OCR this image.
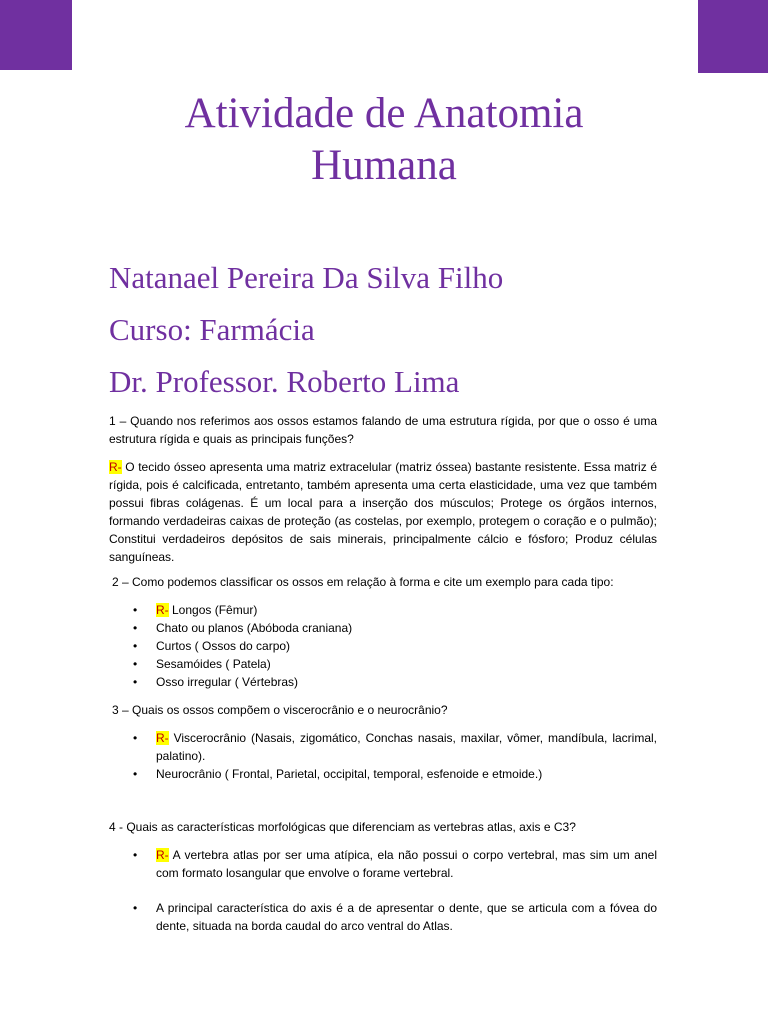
Atividade de Anatomia
Humana
Natanael Pereira Da Silva Filho
Curso: Farmácia
Dr. Professor. Roberto Lima
1 – Quando nos referimos aos ossos estamos falando de uma estrutura rígida, por que o osso é uma estrutura rígida e quais as principais funções?
R- O tecido ósseo apresenta uma matriz extracelular (matriz óssea) bastante resistente. Essa matriz é rígida, pois é calcificada, entretanto, também apresenta uma certa elasticidade, uma vez que também possui fibras colágenas. É um local para a inserção dos músculos; Protege os órgãos internos, formando verdadeiras caixas de proteção (as costelas, por exemplo, protegem o coração e o pulmão); Constitui verdadeiros depósitos de sais minerais, principalmente cálcio e fósforo; Produz células sanguíneas.
2 – Como podemos classificar os ossos em relação à forma e cite um exemplo para cada tipo:
• R- Longos (Fêmur)
• Chato ou planos (Abóboda craniana)
• Curtos ( Ossos do carpo)
• Sesamóides ( Patela)
• Osso irregular ( Vértebras)
3 – Quais os ossos compõem o viscerocrânio e o neurocrânio?
• R- Viscerocrânio (Nasais, zigomático, Conchas nasais, maxilar, vômer, mandíbula, lacrimal, palatino).
• Neurocrânio ( Frontal, Parietal, occipital, temporal, esfenoide e etmoide.)
4 - Quais as características morfológicas que diferenciam as vertebras atlas, axis e C3?
• R- A vertebra atlas por ser uma atípica, ela não possui o corpo vertebral, mas sim um anel com formato losangular que envolve o forame vertebral.
• A principal característica do axis é a de apresentar o dente, que se articula com a fóvea do dente, situada na borda caudal do arco ventral do Atlas.
